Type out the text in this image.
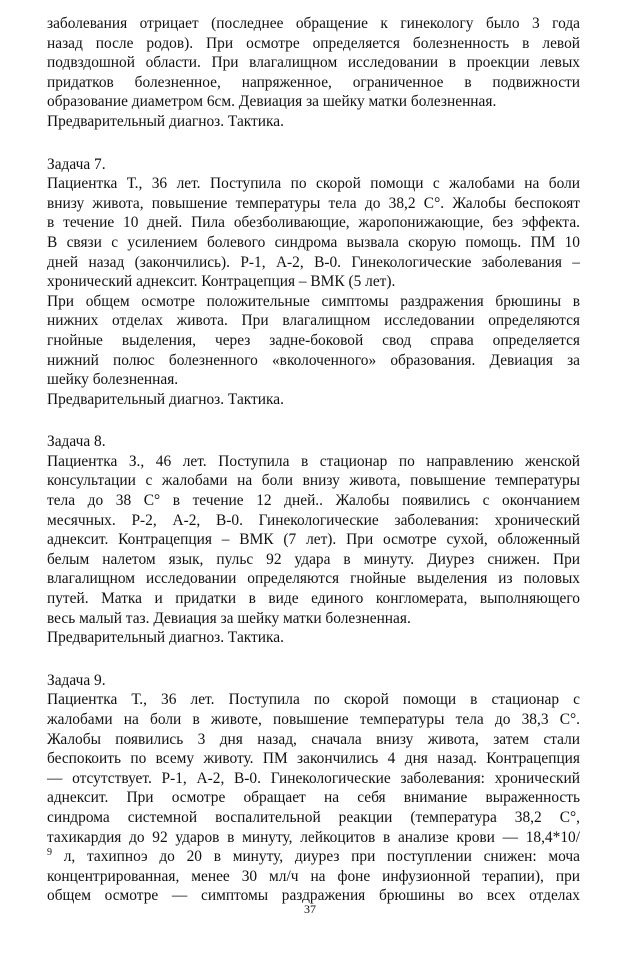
заболевания отрицает (последнее обращение к гинекологу было 3 года
назад после родов). При осмотре определяется болезненность в левой
подвздошной области. При влагалищном исследовании в проекции левых
придатков болезненное, напряженное, ограниченное в подвижности
образование диаметром 6см. Девиация за шейку матки болезненная.
Предварительный диагноз. Тактика.
Задача 7.
Пациентка Т., 36 лет. Поступила по скорой помощи с жалобами на боли
внизу живота, повышение температуры тела до 38,2 С°. Жалобы беспокоят
в течение 10 дней. Пила обезболивающие, жаропонижающие, без эффекта.
В связи с усилением болевого синдрома вызвала скорую помощь. ПМ 10
дней назад (закончились). Р-1, А-2, В-0. Гинекологические заболевания –
хронический аднексит. Контрацепция – ВМК (5 лет).
При общем осмотре положительные симптомы раздражения брюшины в
нижних отделах живота. При влагалищном исследовании определяются
гнойные выделения, через задне-боковой свод справа определяется
нижний полюс болезненного «вколоченного» образования. Девиация за
шейку болезненная.
Предварительный диагноз. Тактика.
Задача 8.
Пациентка З., 46 лет. Поступила в стационар по направлению женской
консультации с жалобами на боли внизу живота, повышение температуры
тела до 38 С° в течение 12 дней.. Жалобы появились с окончанием
месячных. Р-2, А-2, В-0. Гинекологические заболевания: хронический
аднексит. Контрацепция – ВМК (7 лет). При осмотре сухой, обложенный
белым налетом язык, пульс 92 удара в минуту. Диурез снижен. При
влагалищном исследовании определяются гнойные выделения из половых
путей. Матка и придатки в виде единого конгломерата, выполняющего
весь малый таз. Девиация за шейку матки болезненная.
Предварительный диагноз. Тактика.
Задача 9.
Пациентка Т., 36 лет. Поступила по скорой помощи в стационар с
жалобами на боли в животе, повышение температуры тела до 38,3 С°.
Жалобы появились 3 дня назад, сначала внизу живота, затем стали
беспокоить по всему животу. ПМ закончились 4 дня назад. Контрацепция
— отсутствует. Р-1, А-2, В-0. Гинекологические заболевания: хронический
аднексит. При осмотре обращает на себя внимание выраженность
синдрома системной воспалительной реакции (температура 38,2 С°,
тахикардия до 92 ударов в минуту, лейкоцитов в анализе крови — 18,4*10/
$^9$ л, тахипноэ до 20 в минуту, диурез при поступлении снижен: моча
концентрированная, менее 30 мл/ч на фоне инфузионной терапии), при
общем осмотре — симптомы раздражения брюшины во всех отделах
37
